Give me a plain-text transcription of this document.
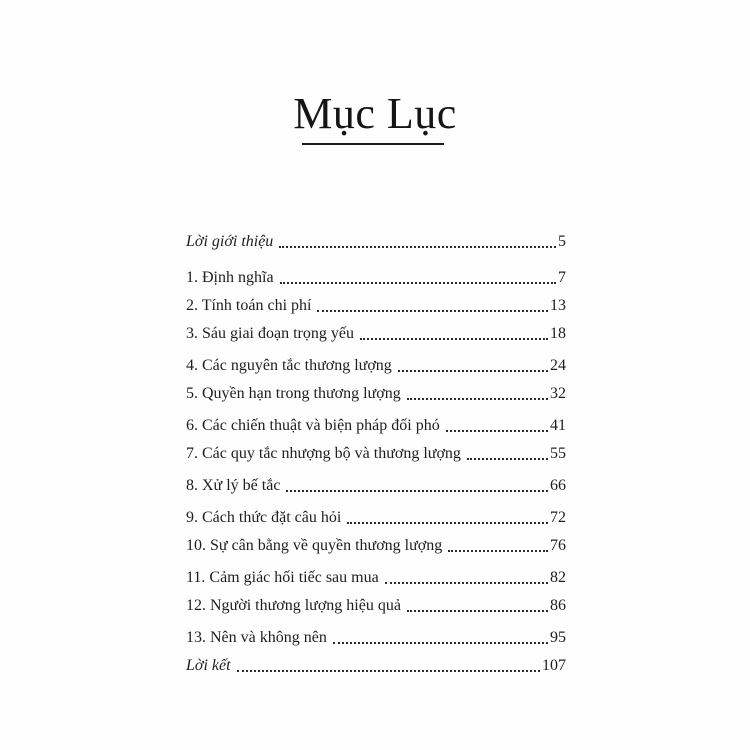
Mục Lục
Lời giới thiệu	5
1. Định nghĩa	7
2. Tính toán chi phí	13
3. Sáu giai đoạn trọng yếu	18
4. Các nguyên tắc thương lượng	24
5. Quyền hạn trong thương lượng	32
6. Các chiến thuật và biện pháp đối phó	41
7. Các quy tắc nhượng bộ và thương lượng	55
8. Xử lý bế tắc	66
9. Cách thức đặt câu hỏi	72
10. Sự cân bằng về quyền thương lượng	76
11. Cảm giác hối tiếc sau mua	82
12. Người thương lượng hiệu quả	86
13. Nên và không nên	95
Lời kết	107
